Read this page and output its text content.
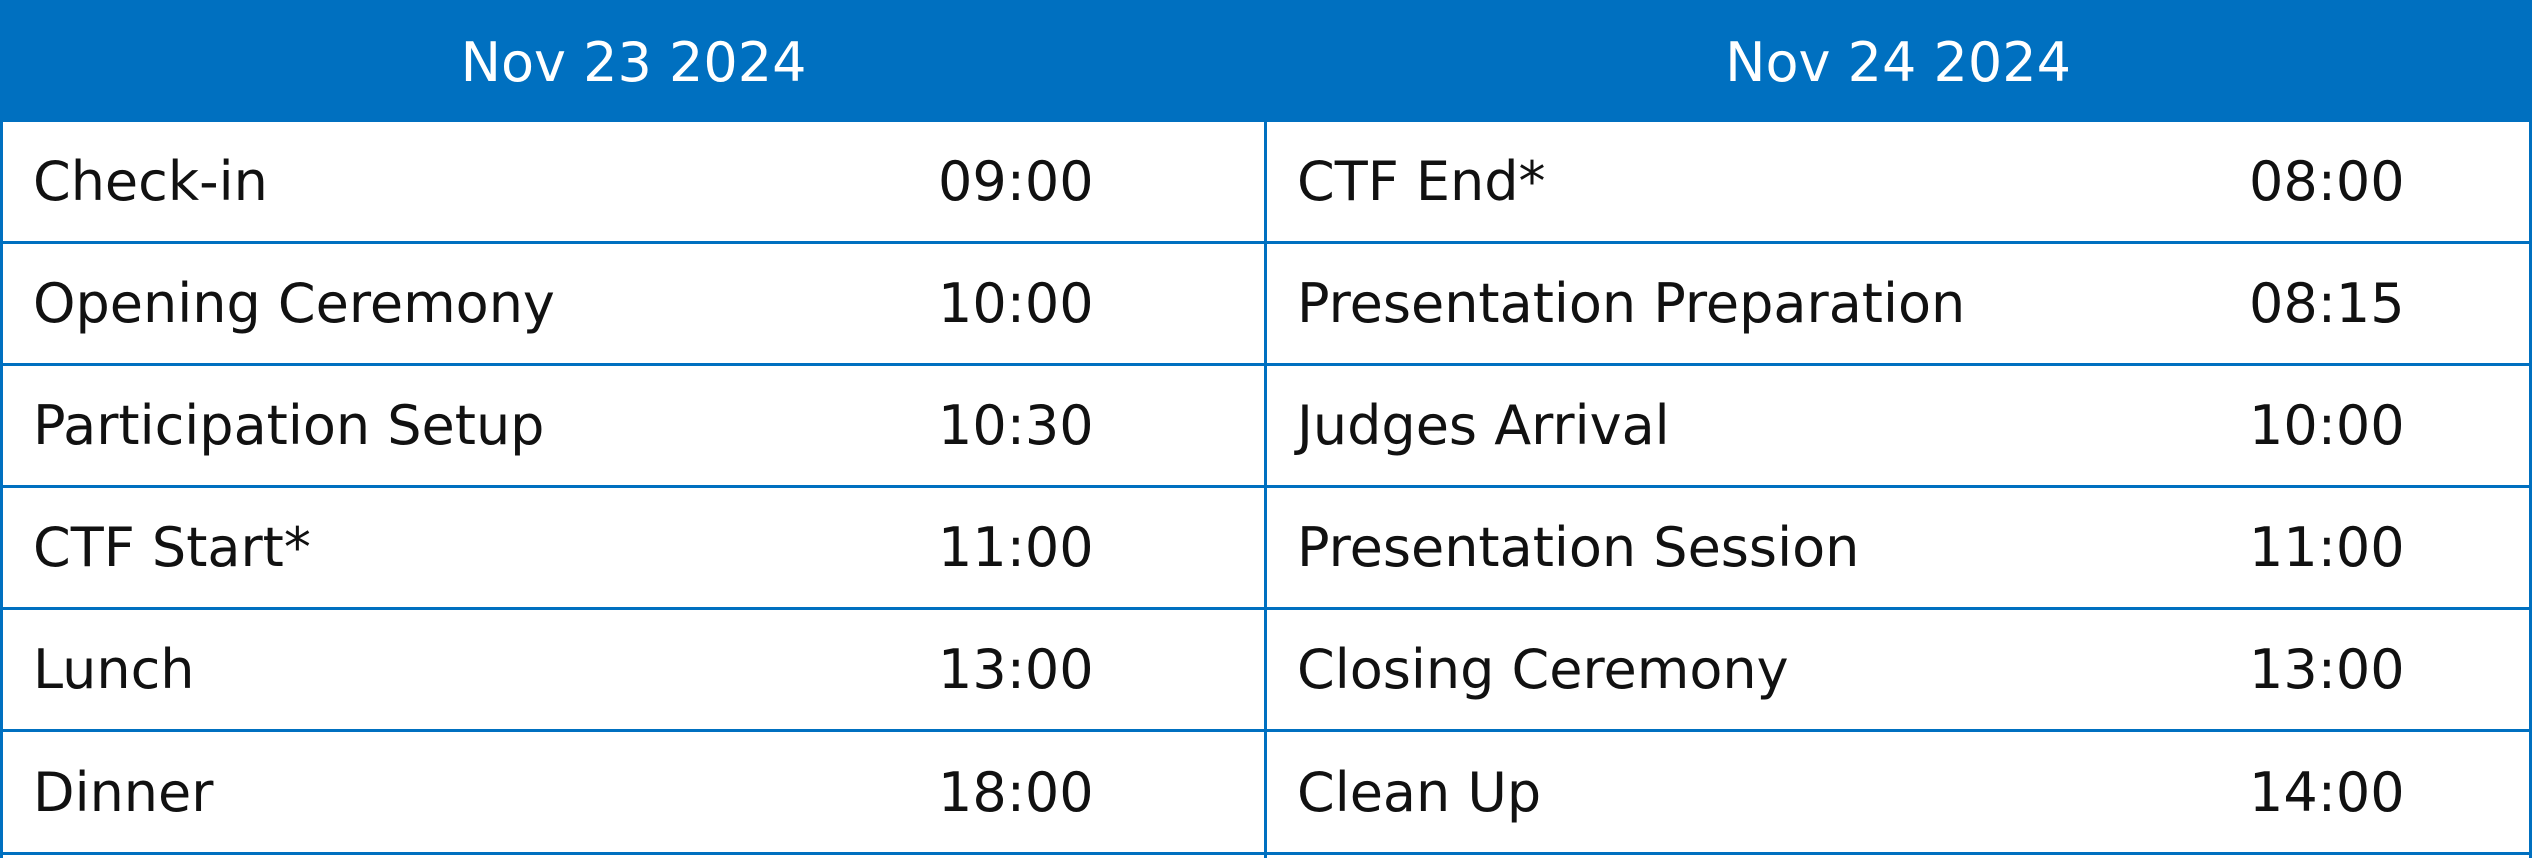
Nov 23 2024
Check-in	09:00
Opening Ceremony	10:00
Participation Setup	10:30
CTF Start*	11:00
Lunch	13:00
Dinner	18:00
Nov 24 2024
CTF End*	08:00
Presentation Preparation	08:15
Judges Arrival	10:00
Presentation Session	11:00
Closing Ceremony	13:00
Clean Up	14:00
